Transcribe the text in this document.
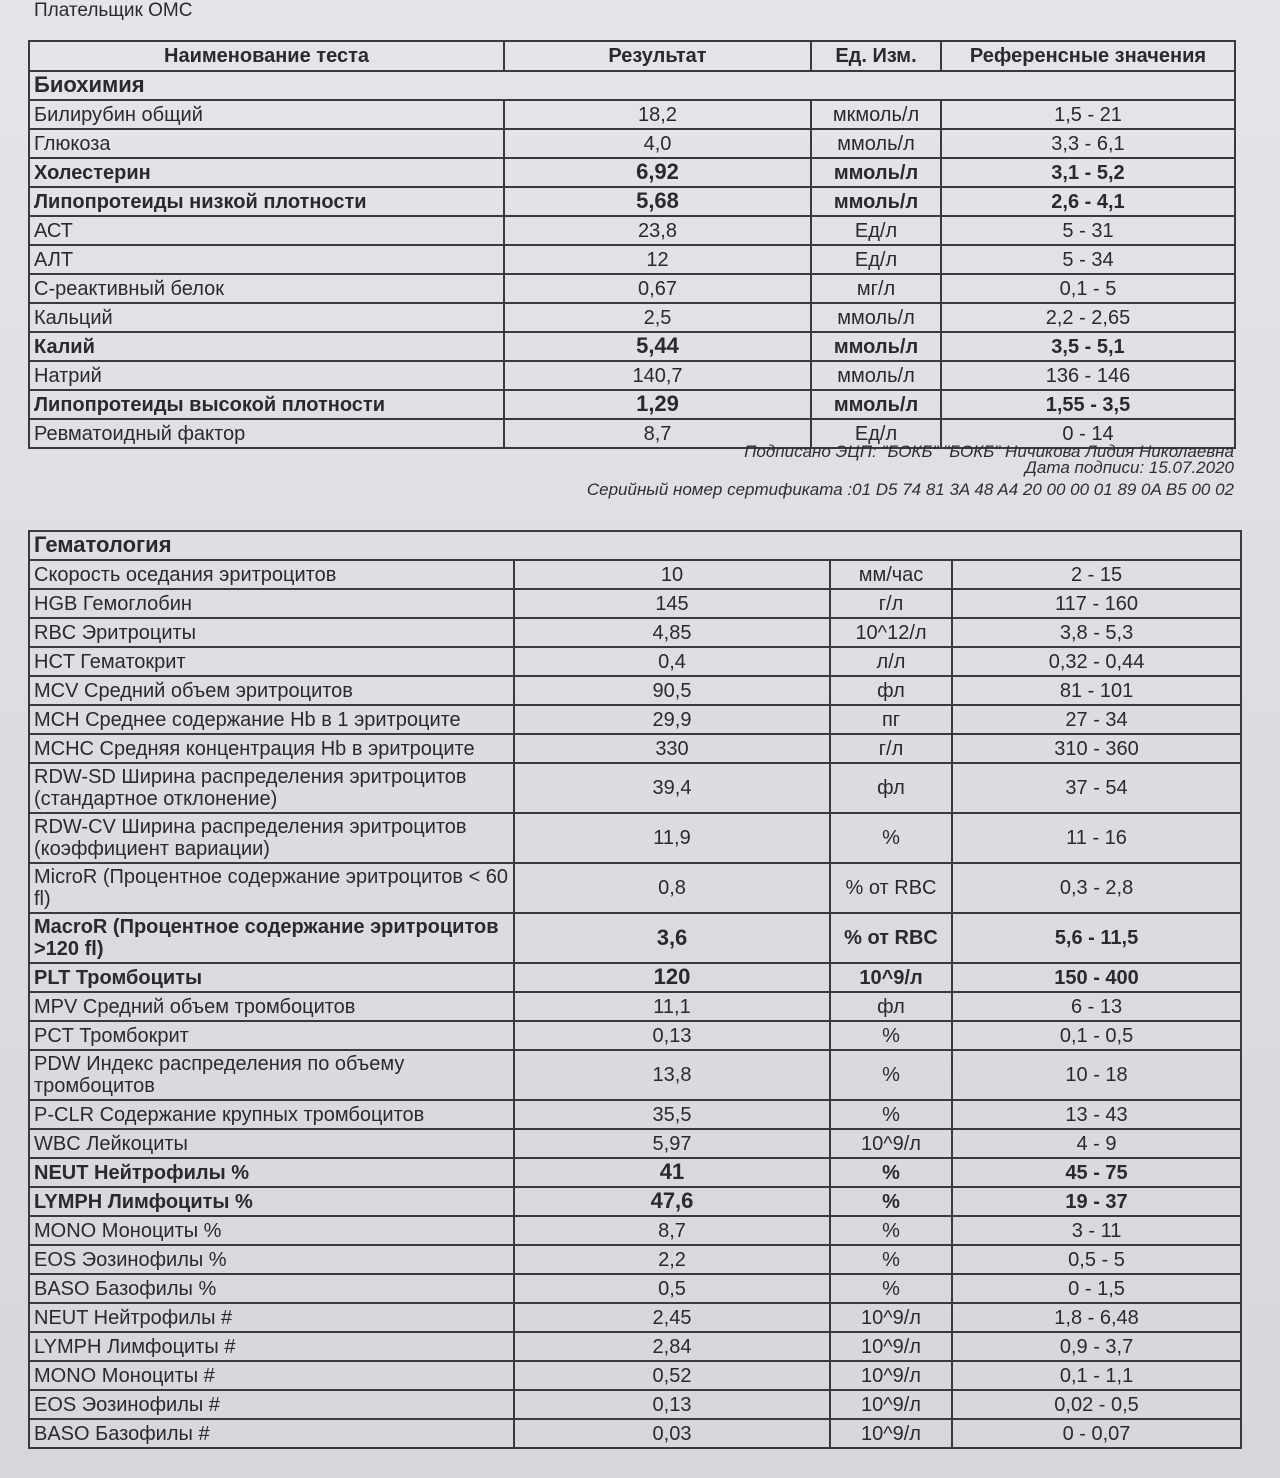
Плательщик ОМС
Наименование теста	Результат	Ед. Изм.	Референсные значения
Биохимия			
Билирубин общий	18,2	мкмоль/л	1,5 - 21
Глюкоза	4,0	ммоль/л	3,3 - 6,1
Холестерин	6,92	ммоль/л	3,1 - 5,2
Липопротеиды низкой плотности	5,68	ммоль/л	2,6 - 4,1
АСТ	23,8	Ед/л	5 - 31
АЛТ	12	Ед/л	5 - 34
С-реактивный белок	0,67	мг/л	0,1 - 5
Кальций	2,5	ммоль/л	2,2 - 2,65
Калий	5,44	ммоль/л	3,5 - 5,1
Натрий	140,7	ммоль/л	136 - 146
Липопротеиды высокой плотности	1,29	ммоль/л	1,55 - 3,5
Ревматоидный фактор	8,7	Ед/л	0 - 14
Подписано ЭЦП: "БОКБ" "БОКБ" Ничикова Лидия Николаевна
Дата подписи: 15.07.2020
Серийный номер сертификата :01 D5 74 81 3A 48 A4 20 00 00 01 89 0A B5 00 02
Гематология			
Скорость оседания эритроцитов	10	мм/час	2 - 15
HGB Гемоглобин	145	г/л	117 - 160
RBC Эритроциты	4,85	10^12/л	3,8 - 5,3
HCT Гематокрит	0,4	л/л	0,32 - 0,44
MCV Средний объем эритроцитов	90,5	фл	81 - 101
MCH Среднее содержание Hb в 1 эритроците	29,9	пг	27 - 34
MCHC Средняя концентрация Hb в эритроците	330	г/л	310 - 360
RDW-SD Ширина распределения эритроцитов (стандартное отклонение)	39,4	фл	37 - 54
RDW-CV Ширина распределения эритроцитов (коэффициент вариации)	11,9	%	11 - 16
MicroR (Процентное содержание эритроцитов < 60 fl)	0,8	% от RBC	0,3 - 2,8
MacroR (Процентное содержание эритроцитов >120 fl)	3,6	% от RBC	5,6 - 11,5
PLT Тромбоциты	120	10^9/л	150 - 400
MPV Средний объем тромбоцитов	11,1	фл	6 - 13
PCT Тромбокрит	0,13	%	0,1 - 0,5
PDW Индекс распределения по объему тромбоцитов	13,8	%	10 - 18
P-CLR Содержание крупных тромбоцитов	35,5	%	13 - 43
WBC Лейкоциты	5,97	10^9/л	4 - 9
NEUT Нейтрофилы %	41	%	45 - 75
LYMPH Лимфоциты %	47,6	%	19 - 37
MONO Моноциты %	8,7	%	3 - 11
EOS Эозинофилы %	2,2	%	0,5 - 5
BASO Базофилы %	0,5	%	0 - 1,5
NEUT Нейтрофилы #	2,45	10^9/л	1,8 - 6,48
LYMPH Лимфоциты #	2,84	10^9/л	0,9 - 3,7
MONO Моноциты #	0,52	10^9/л	0,1 - 1,1
EOS Эозинофилы #	0,13	10^9/л	0,02 - 0,5
BASO Базофилы #	0,03	10^9/л	0 - 0,07
